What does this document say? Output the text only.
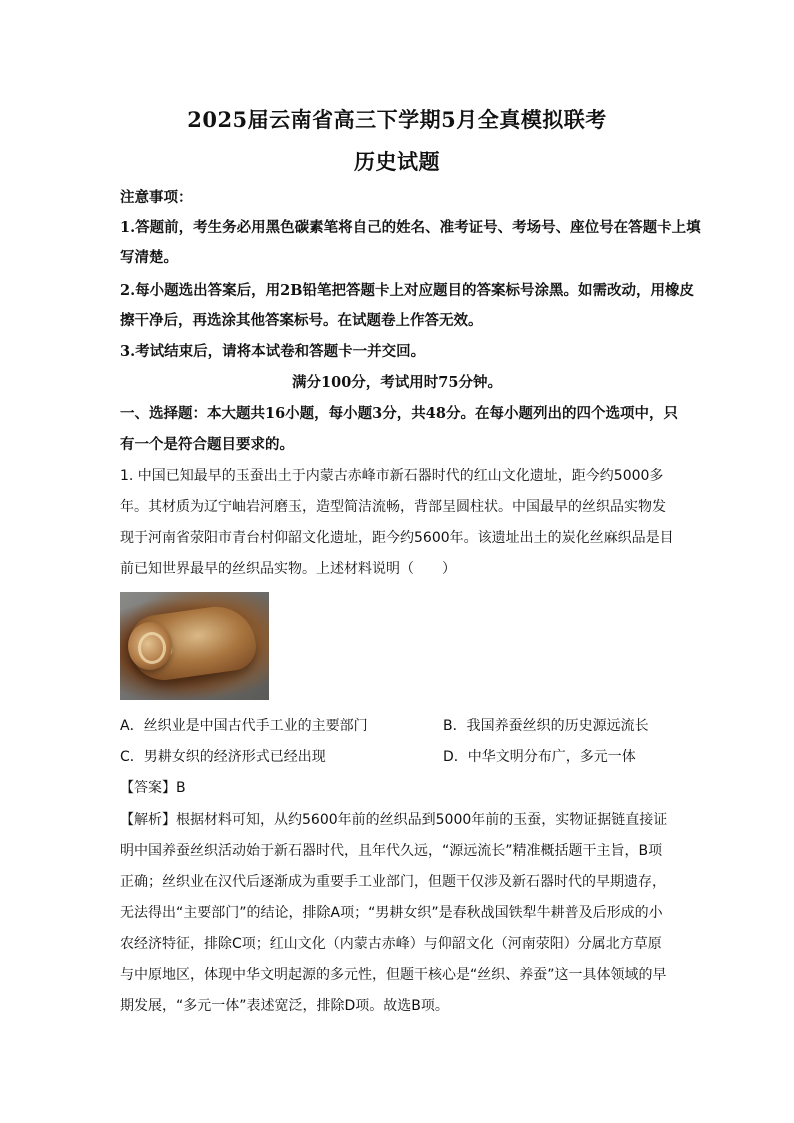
2025届云南省高三下学期5月全真模拟联考
历史试题
注意事项：
1.答题前，考生务必用黑色碳素笔将自己的姓名、准考证号、考场号、座位号在答题卡上填
写清楚。
2.每小题选出答案后，用2B铅笔把答题卡上对应题目的答案标号涂黑。如需改动，用橡皮
擦干净后，再选涂其他答案标号。在试题卷上作答无效。
3.考试结束后，请将本试卷和答题卡一并交回。
满分100分，考试用时75分钟。
一、选择题：本大题共16小题，每小题3分，共48分。在每小题列出的四个选项中，只
有一个是符合题目要求的。
1. 中国已知最早的玉蚕出土于内蒙古赤峰市新石器时代的红山文化遗址，距今约5000多
年。其材质为辽宁岫岩河磨玉，造型简洁流畅，背部呈圆柱状。中国最早的丝织品实物发
现于河南省荥阳市青台村仰韶文化遗址，距今约5600年。该遗址出土的炭化丝麻织品是目
前已知世界最早的丝织品实物。上述材料说明（　　）
A．丝织业是中国古代手工业的主要部门	B．我国养蚕丝织的历史源远流长
C．男耕女织的经济形式已经出现	D．中华文明分布广，多元一体
【答案】B
【解析】根据材料可知，从约5600年前的丝织品到5000年前的玉蚕，实物证据链直接证
明中国养蚕丝织活动始于新石器时代，且年代久远，“源远流长”精准概括题干主旨，B项
正确；丝织业在汉代后逐渐成为重要手工业部门，但题干仅涉及新石器时代的早期遗存，
无法得出“主要部门”的结论，排除A项；“男耕女织”是春秋战国铁犁牛耕普及后形成的小
农经济特征，排除C项；红山文化（内蒙古赤峰）与仰韶文化（河南荥阳）分属北方草原
与中原地区，体现中华文明起源的多元性，但题干核心是“丝织、养蚕”这一具体领域的早
期发展，“多元一体”表述宽泛，排除D项。故选B项。
